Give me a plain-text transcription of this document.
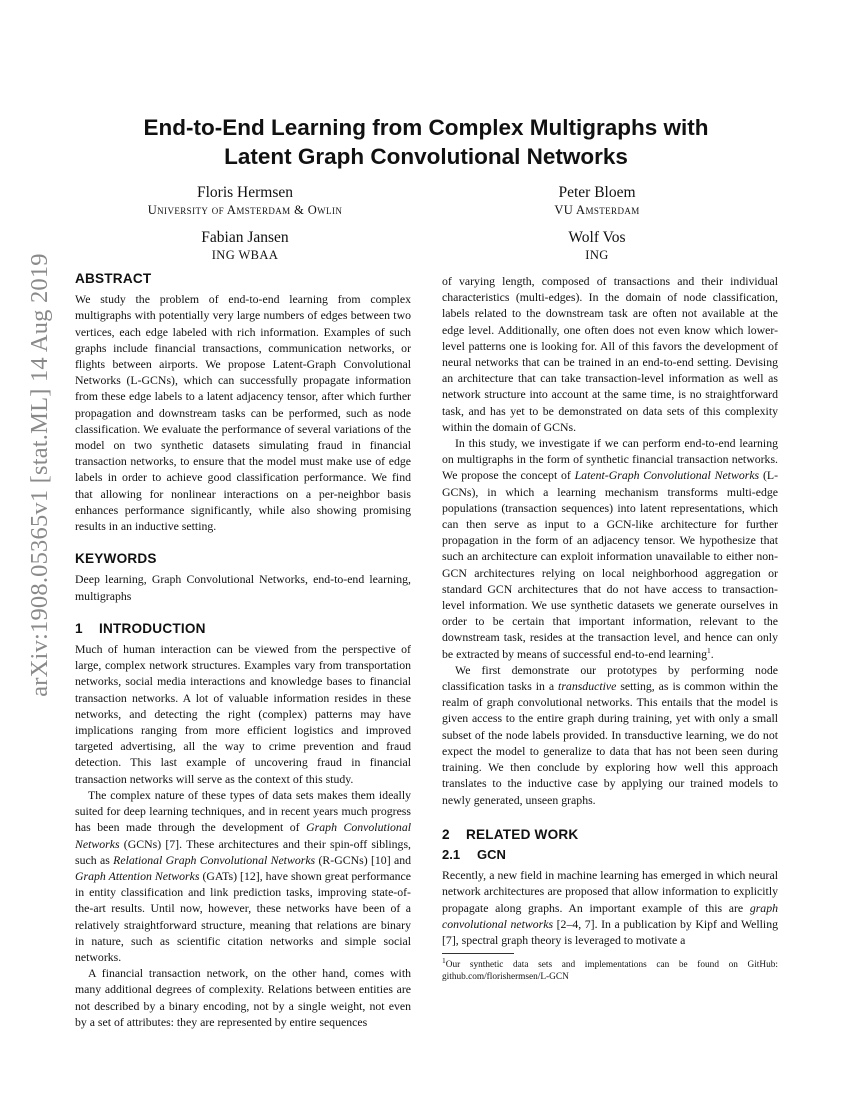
arXiv:1908.05365v1 [stat.ML] 14 Aug 2019
End-to-End Learning from Complex Multigraphs with
Latent Graph Convolutional Networks
Floris Hermsen
University of Amsterdam & Owlin
Peter Bloem
VU Amsterdam
Fabian Jansen
ING WBAA
Wolf Vos
ING
ABSTRACT

We study the problem of end-to-end learning from complex multigraphs with potentially very large numbers of edges between two vertices, each edge labeled with rich information. Examples of such graphs include financial transactions, communication networks, or flights between airports. We propose Latent-Graph Convolutional Networks (L-GCNs), which can successfully propagate information from these edge labels to a latent adjacency tensor, after which further propagation and downstream tasks can be performed, such as node classification. We evaluate the performance of several variations of the model on two synthetic datasets simulating fraud in financial transaction networks, to ensure that the model must make use of edge labels in order to achieve good classification performance. We find that allowing for nonlinear interactions on a per-neighbor basis enhances performance significantly, while also showing promising results in an inductive setting.

KEYWORDS

Deep learning, Graph Convolutional Networks, end-to-end learning, multigraphs

1 INTRODUCTION

Much of human interaction can be viewed from the perspective of large, complex network structures. Examples vary from transportation networks, social media interactions and knowledge bases to financial transaction networks. A lot of valuable information resides in these networks, and detecting the right (complex) patterns may have implications ranging from more efficient logistics and improved targeted advertising, all the way to crime prevention and fraud detection. This last example of uncovering fraud in financial transaction networks will serve as the context of this study.

The complex nature of these types of data sets makes them ideally suited for deep learning techniques, and in recent years much progress has been made through the development of Graph Convolutional Networks (GCNs) [7]. These architectures and their spin-off siblings, such as Relational Graph Convolutional Networks (R-GCNs) [10] and Graph Attention Networks (GATs) [12], have shown great performance in entity classification and link prediction tasks, improving state-of-the-art results. Until now, however, these networks have been of a relatively straightforward structure, meaning that relations are binary in nature, such as scientific citation networks and simple social networks.

A financial transaction network, on the other hand, comes with many additional degrees of complexity. Relations between entities are not described by a binary encoding, not by a single weight, not even by a set of attributes: they are represented by entire sequences

of varying length, composed of transactions and their individual characteristics (multi-edges). In the domain of node classification, labels related to the downstream task are often not available at the edge level. Additionally, one often does not even know which lower-level patterns one is looking for. All of this favors the development of neural networks that can be trained in an end-to-end setting. Devising an architecture that can take transaction-level information as well as network structure into account at the same time, is no straightforward task, and has yet to be demonstrated on data sets of this complexity within the domain of GCNs.

In this study, we investigate if we can perform end-to-end learning on multigraphs in the form of synthetic financial transaction networks. We propose the concept of Latent-Graph Convolutional Networks (L-GCNs), in which a learning mechanism transforms multi-edge populations (transaction sequences) into latent representations, which can then serve as input to a GCN-like architecture for further propagation in the form of an adjacency tensor. We hypothesize that such an architecture can exploit information unavailable to either non-GCN architectures relying on local neighborhood aggregation or standard GCN architectures that do not have access to transaction-level information. We use synthetic datasets we generate ourselves in order to be certain that important information, relevant to the downstream task, resides at the transaction level, and hence can only be extracted by means of successful end-to-end learning$^1$.

We first demonstrate our prototypes by performing node classification tasks in a transductive setting, as is common within the realm of graph convolutional networks. This entails that the model is given access to the entire graph during training, yet with only a small subset of the node labels provided. In transductive learning, we do not expect the model to generalize to data that has not been seen during training. We then conclude by exploring how well this approach translates to the inductive case by applying our trained models to newly generated, unseen graphs.

2 RELATED WORK
2.1 GCN

Recently, a new field in machine learning has emerged in which neural network architectures are proposed that allow information to explicitly propagate along graphs. An important example of this are graph convolutional networks [2–4, 7]. In a publication by Kipf and Welling [7], spectral graph theory is leveraged to motivate a

$^1$Our synthetic data sets and implementations can be found on GitHub: github.com/florishermsen/L-GCN
